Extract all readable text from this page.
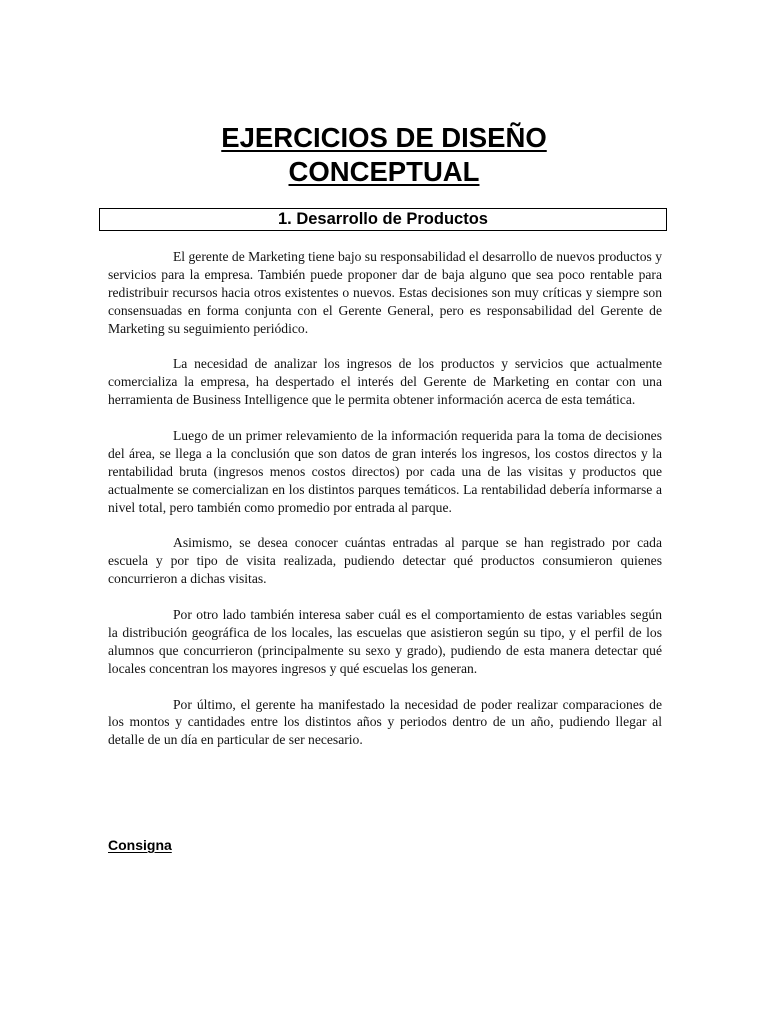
EJERCICIOS DE DISEÑO
CONCEPTUAL
1. Desarrollo de Productos

El gerente de Marketing tiene bajo su responsabilidad el desarrollo de nuevos productos y servicios para la empresa. También puede proponer dar de baja alguno que sea poco rentable para redistribuir recursos hacia otros existentes o nuevos. Estas decisiones son muy críticas y siempre son consensuadas en forma conjunta con el Gerente General, pero es responsabilidad del Gerente de Marketing su seguimiento periódico.

La necesidad de analizar los ingresos de los productos y servicios que actualmente comercializa la empresa, ha despertado el interés del Gerente de Marketing en contar con una herramienta de Business Intelligence que le permita obtener información acerca de esta temática.

Luego de un primer relevamiento de la información requerida para la toma de decisiones del área, se llega a la conclusión que son datos de gran interés los ingresos, los costos directos y la rentabilidad bruta (ingresos menos costos directos) por cada una de las visitas y productos que actualmente se comercializan en los distintos parques temáticos. La rentabilidad debería informarse a nivel total, pero también como promedio por entrada al parque.

Asimismo, se desea conocer cuántas entradas al parque se han registrado por cada escuela y por tipo de visita realizada, pudiendo detectar qué productos consumieron quienes concurrieron a dichas visitas.

Por otro lado también interesa saber cuál es el comportamiento de estas variables según la distribución geográfica de los locales, las escuelas que asistieron según su tipo, y el perfil de los alumnos que concurrieron (principalmente su sexo y grado), pudiendo de esta manera detectar qué locales concentran los mayores ingresos y qué escuelas los generan.

Por último, el gerente ha manifestado la necesidad de poder realizar comparaciones de los montos y cantidades entre los distintos años y periodos dentro de un año, pudiendo llegar al detalle de un día en particular de ser necesario.

Consigna
